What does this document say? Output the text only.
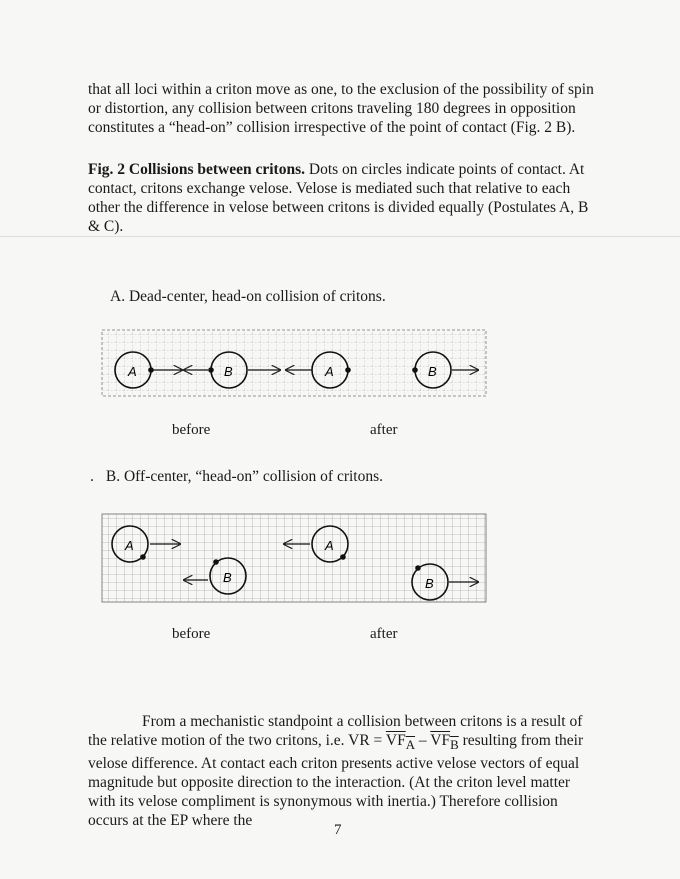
that all loci within a criton move as one, to the exclusion of the possibility of spin or distortion, any collision between critons traveling 180 degrees in opposition constitutes a “head-on” collision irrespective of the point of contact (Fig. 2 B).

Fig. 2 Collisions between critons. Dots on circles indicate points of contact. At contact, critons exchange velose. Velose is mediated such that relative to each other the difference in velose between critons is divided equally (Postulates A, B & C).

A. Dead-center, head-on collision of critons.
A	B	A	B
before	after
. B. Off-center, “head-on” collision of critons.
A
B
A
B
before	after

From a mechanistic standpoint a collision between critons is a result of the relative motion of the two critons, i.e. VR = $VF_A - VF_B$ resulting from their velose difference. At contact each criton presents active velose vectors of equal magnitude but opposite direction to the interaction. (At the criton level matter with its velose compliment is synonymous with inertia.) Therefore collision occurs at the EP where the

7
